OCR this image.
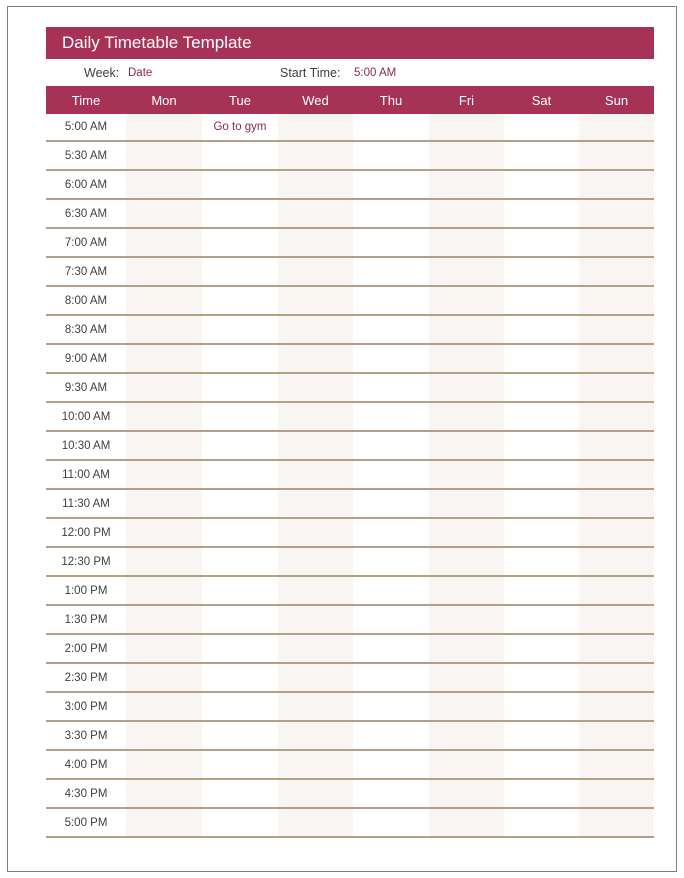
Daily Timetable Template
Week: Date	Start Time: 5:00 AM
Time	Mon	Tue	Wed	Thu	Fri	Sat	Sun
5:00 AM		Go to gym					
5:30 AM							
6:00 AM							
6:30 AM							
7:00 AM							
7:30 AM							
8:00 AM							
8:30 AM							
9:00 AM							
9:30 AM							
10:00 AM							
10:30 AM							
11:00 AM							
11:30 AM							
12:00 PM							
12:30 PM							
1:00 PM							
1:30 PM							
2:00 PM							
2:30 PM							
3:00 PM							
3:30 PM							
4:00 PM							
4:30 PM							
5:00 PM							
